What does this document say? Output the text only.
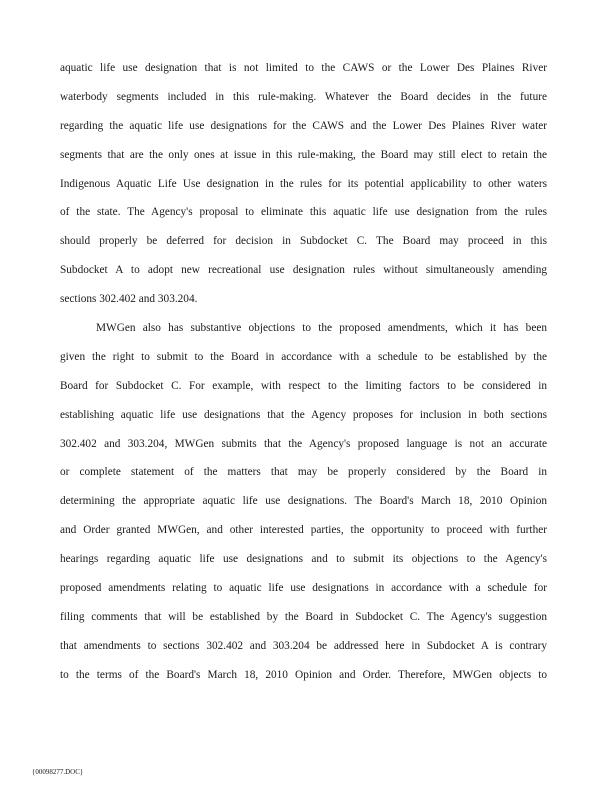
aquatic life use designation that is not limited to the CAWS or the Lower Des Plaines River
waterbody segments included in this rule-making. Whatever the Board decides in the future
regarding the aquatic life use designations for the CAWS and the Lower Des Plaines River water
segments that are the only ones at issue in this rule-making, the Board may still elect to retain the
Indigenous Aquatic Life Use designation in the rules for its potential applicability to other waters
of the state. The Agency's proposal to eliminate this aquatic life use designation from the rules
should properly be deferred for decision in Subdocket C. The Board may proceed in this
Subdocket A to adopt new recreational use designation rules without simultaneously amending
sections 302.402 and 303.204.
MWGen also has substantive objections to the proposed amendments, which it has been
given the right to submit to the Board in accordance with a schedule to be established by the
Board for Subdocket C. For example, with respect to the limiting factors to be considered in
establishing aquatic life use designations that the Agency proposes for inclusion in both sections
302.402 and 303.204, MWGen submits that the Agency's proposed language is not an accurate
or complete statement of the matters that may be properly considered by the Board in
determining the appropriate aquatic life use designations. The Board's March 18, 2010 Opinion
and Order granted MWGen, and other interested parties, the opportunity to proceed with further
hearings regarding aquatic life use designations and to submit its objections to the Agency's
proposed amendments relating to aquatic life use designations in accordance with a schedule for
filing comments that will be established by the Board in Subdocket C. The Agency's suggestion
that amendments to sections 302.402 and 303.204 be addressed here in Subdocket A is contrary
to the terms of the Board's March 18, 2010 Opinion and Order. Therefore, MWGen objects to
{00098277.DOC}
